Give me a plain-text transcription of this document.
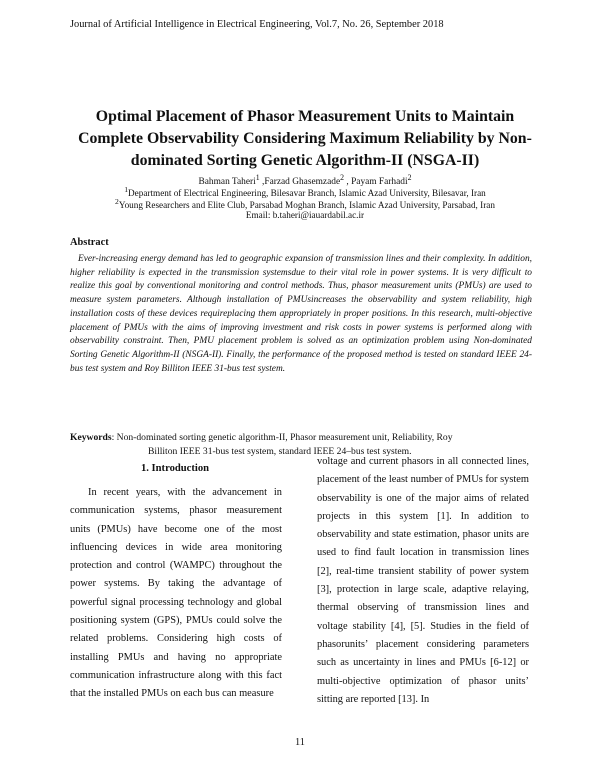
Journal of Artificial Intelligence in Electrical Engineering, Vol.7, No. 26, September 2018
Optimal Placement of Phasor Measurement Units to Maintain
Complete Observability Considering Maximum Reliability by Non-
dominated Sorting Genetic Algorithm-II (NSGA-II)
Bahman Taheri$^1$ ,Farzad Ghasemzade$^2$ , Payam Farhadi$^2$
$^1$Department of Electrical Engineering, Bilesavar Branch, Islamic Azad University, Bilesavar, Iran
$^2$Young Researchers and Elite Club, Parsabad Moghan Branch, Islamic Azad University, Parsabad, Iran
Email: b.taheri@iauardabil.ac.ir
Abstract

Ever-increasing energy demand has led to geographic expansion of transmission lines and their complexity. In addition, higher reliability is expected in the transmission systemsdue to their vital role in power systems. It is very difficult to realize this goal by conventional monitoring and control methods. Thus, phasor measurement units (PMUs) are used to measure system parameters. Although installation of PMUsincreases the observability and system reliability, high installation costs of these devices requireplacing them appropriately in proper positions. In this research, multi-objective placement of PMUs with the aims of improving investment and risk costs in power systems is performed along with observability constraint. Then, PMU placement problem is solved as an optimization problem using Non-dominated Sorting Genetic Algorithm-II (NSGA-II). Finally, the performance of the proposed method is tested on standard IEEE 24-bus test system and Roy Billiton IEEE 31-bus test system.

Keywords: Non-dominated sorting genetic algorithm-II, Phasor measurement unit, Reliability, Roy
Billiton IEEE 31-bus test system, standard IEEE 24–bus test system.
1. Introduction

In recent years, with the advancement in communication systems, phasor measurement units (PMUs) have become one of the most influencing devices in wide area monitoring protection and control (WAMPC) throughout the power systems. By taking the advantage of powerful signal processing technology and global positioning system (GPS), PMUs could solve the related problems. Considering high costs of installing PMUs and having no appropriate communication infrastructure along with this fact that the installed PMUs on each bus can measure

voltage and current phasors in all connected lines, placement of the least number of PMUs for system observability is one of the major aims of related projects in this system [1]. In addition to observability and state estimation, phasor units are used to find fault location in transmission lines [2], real-time transient stability of power system [3], protection in large scale, adaptive relaying, thermal observing of transmission lines and voltage stability [4], [5]. Studies in the field of phasorunits’ placement considering parameters such as uncertainty in lines and PMUs [6-12] or multi-objective optimization of phasor units’ sitting are reported [13]. In

11
